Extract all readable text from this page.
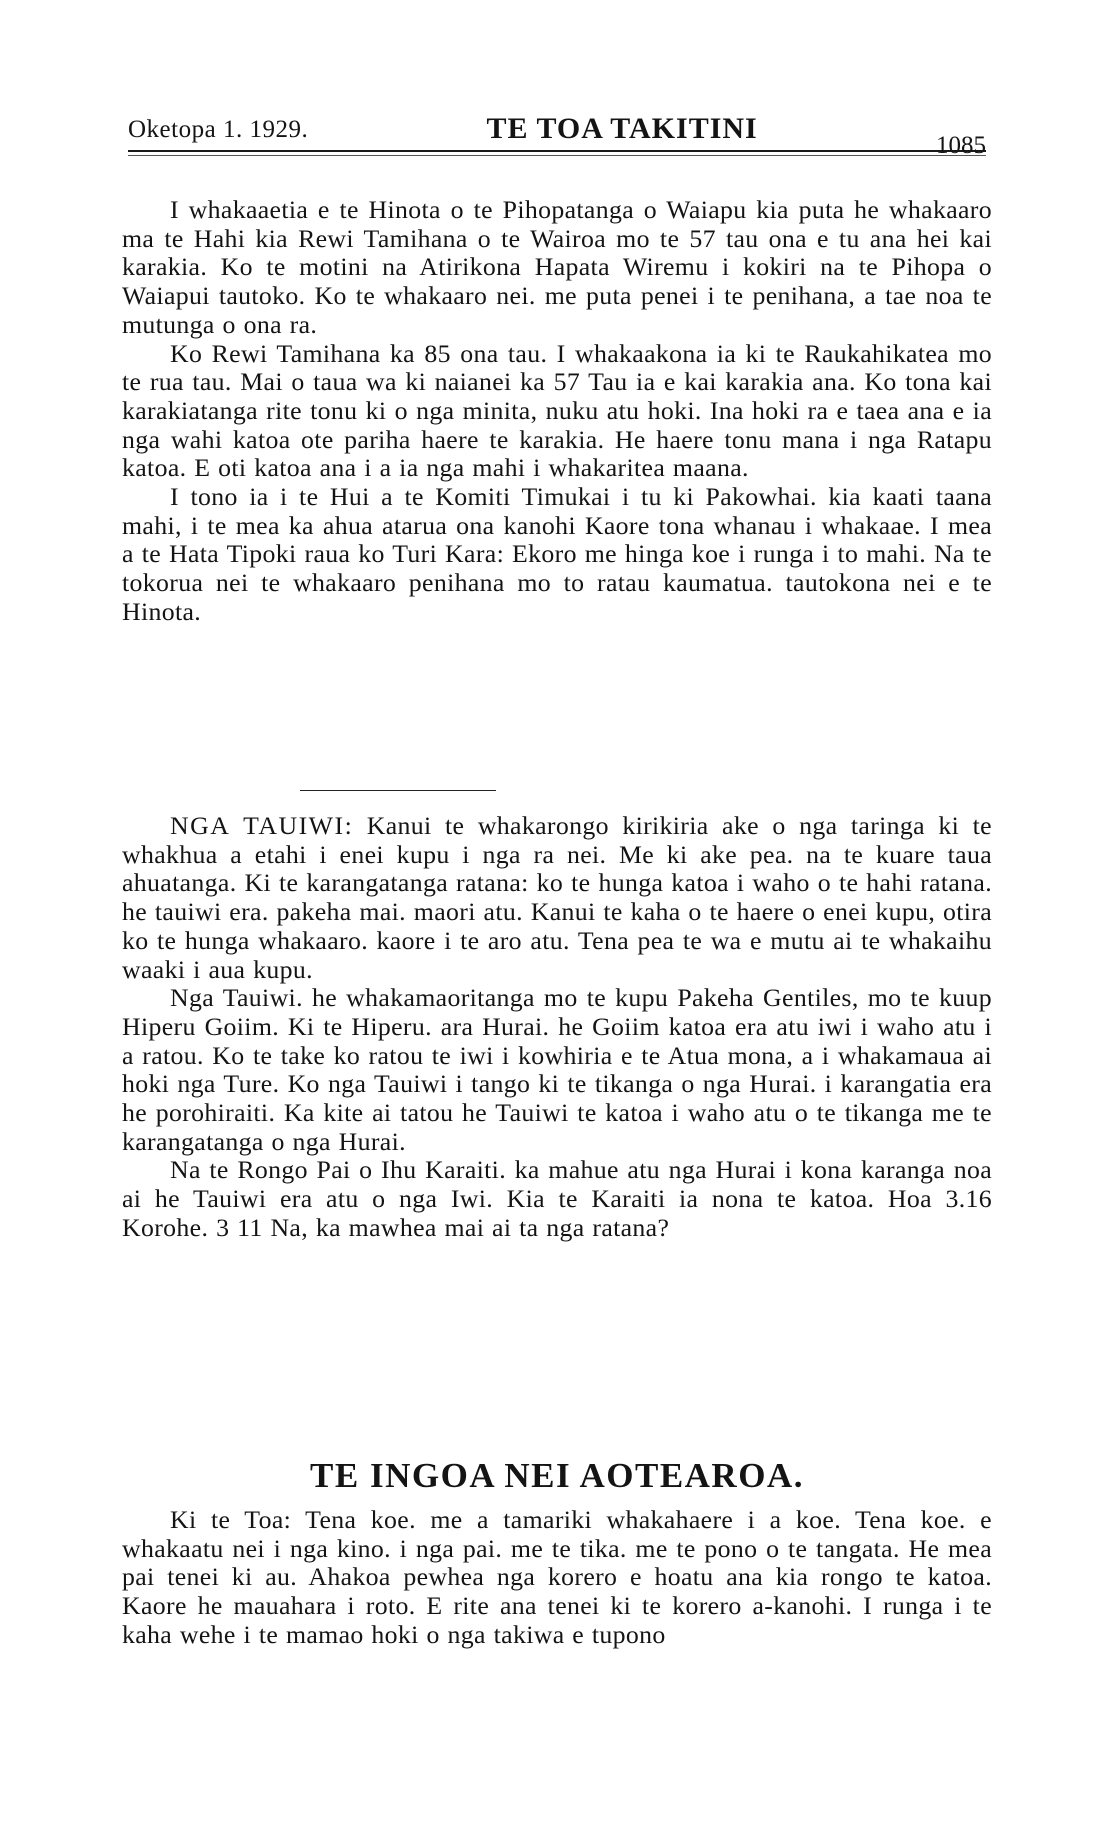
Oketopa 1. 1929.	TE TOA TAKITINI
1085

I whakaaetia e te Hinota o te Pihopatanga o Waiapu kia puta he whakaaro ma te Hahi kia Rewi Tamihana o te Wairoa mo te 57 tau ona e tu ana hei kai karakia. Ko te motini na Atirikona Hapata Wiremu i kokiri na te Pihopa o Waiapui tautoko. Ko te whakaaro nei. me puta penei i te penihana, a tae noa te mutunga o ona ra.

Ko Rewi Tamihana ka 85 ona tau. I whakaakona ia ki te Raukahikatea mo te rua tau. Mai o taua wa ki naianei ka 57 Tau ia e kai karakia ana. Ko tona kai karakiatanga rite tonu ki o nga minita, nuku atu hoki. Ina hoki ra e taea ana e ia nga wahi katoa ote pariha haere te karakia. He haere tonu mana i nga Ratapu katoa. E oti katoa ana i a ia nga mahi i whakaritea maana.

I tono ia i te Hui a te Komiti Timukai i tu ki Pakowhai. kia kaati taana mahi, i te mea ka ahua atarua ona kanohi Kaore tona whanau i whakaae. I mea a te Hata Tipoki raua ko Turi Kara: Ekoro me hinga koe i runga i to mahi. Na te tokorua nei te whakaaro penihana mo to ratau kaumatua. tautokona nei e te Hinota.

NGA TAUIWI: Kanui te whakarongo kirikiria ake o nga taringa ki te whakhua a etahi i enei kupu i nga ra nei. Me ki ake pea. na te kuare taua ahuatanga. Ki te karangatanga ratana: ko te hunga katoa i waho o te hahi ratana. he tauiwi era. pakeha mai. maori atu. Kanui te kaha o te haere o enei kupu, otira ko te hunga whakaaro. kaore i te aro atu. Tena pea te wa e mutu ai te whakaihu waaki i aua kupu.

Nga Tauiwi. he whakamaoritanga mo te kupu Pakeha Gentiles, mo te kuup Hiperu Goiim. Ki te Hiperu. ara Hurai. he Goiim katoa era atu iwi i waho atu i a ratou. Ko te take ko ratou te iwi i kowhiria e te Atua mona, a i whakamaua ai hoki nga Ture. Ko nga Tauiwi i tango ki te tikanga o nga Hurai. i karangatia era he porohiraiti. Ka kite ai tatou he Tauiwi te katoa i waho atu o te tikanga me te karangatanga o nga Hurai.

Na te Rongo Pai o Ihu Karaiti. ka mahue atu nga Hurai i kona karanga noa ai he Tauiwi era atu o nga Iwi. Kia te Karaiti ia nona te katoa. Hoa 3.16 Korohe. 3 11 Na, ka mawhea mai ai ta nga ratana?

TE INGOA NEI AOTEAROA.

Ki te Toa: Tena koe. me a tamariki whakahaere i a koe. Tena koe. e whakaatu nei i nga kino. i nga pai. me te tika. me te pono o te tangata. He mea pai tenei ki au. Ahakoa pewhea nga korero e hoatu ana kia rongo te katoa. Kaore he mauahara i roto. E rite ana tenei ki te korero a-kanohi. I runga i te kaha wehe i te mamao hoki o nga takiwa e tupono
